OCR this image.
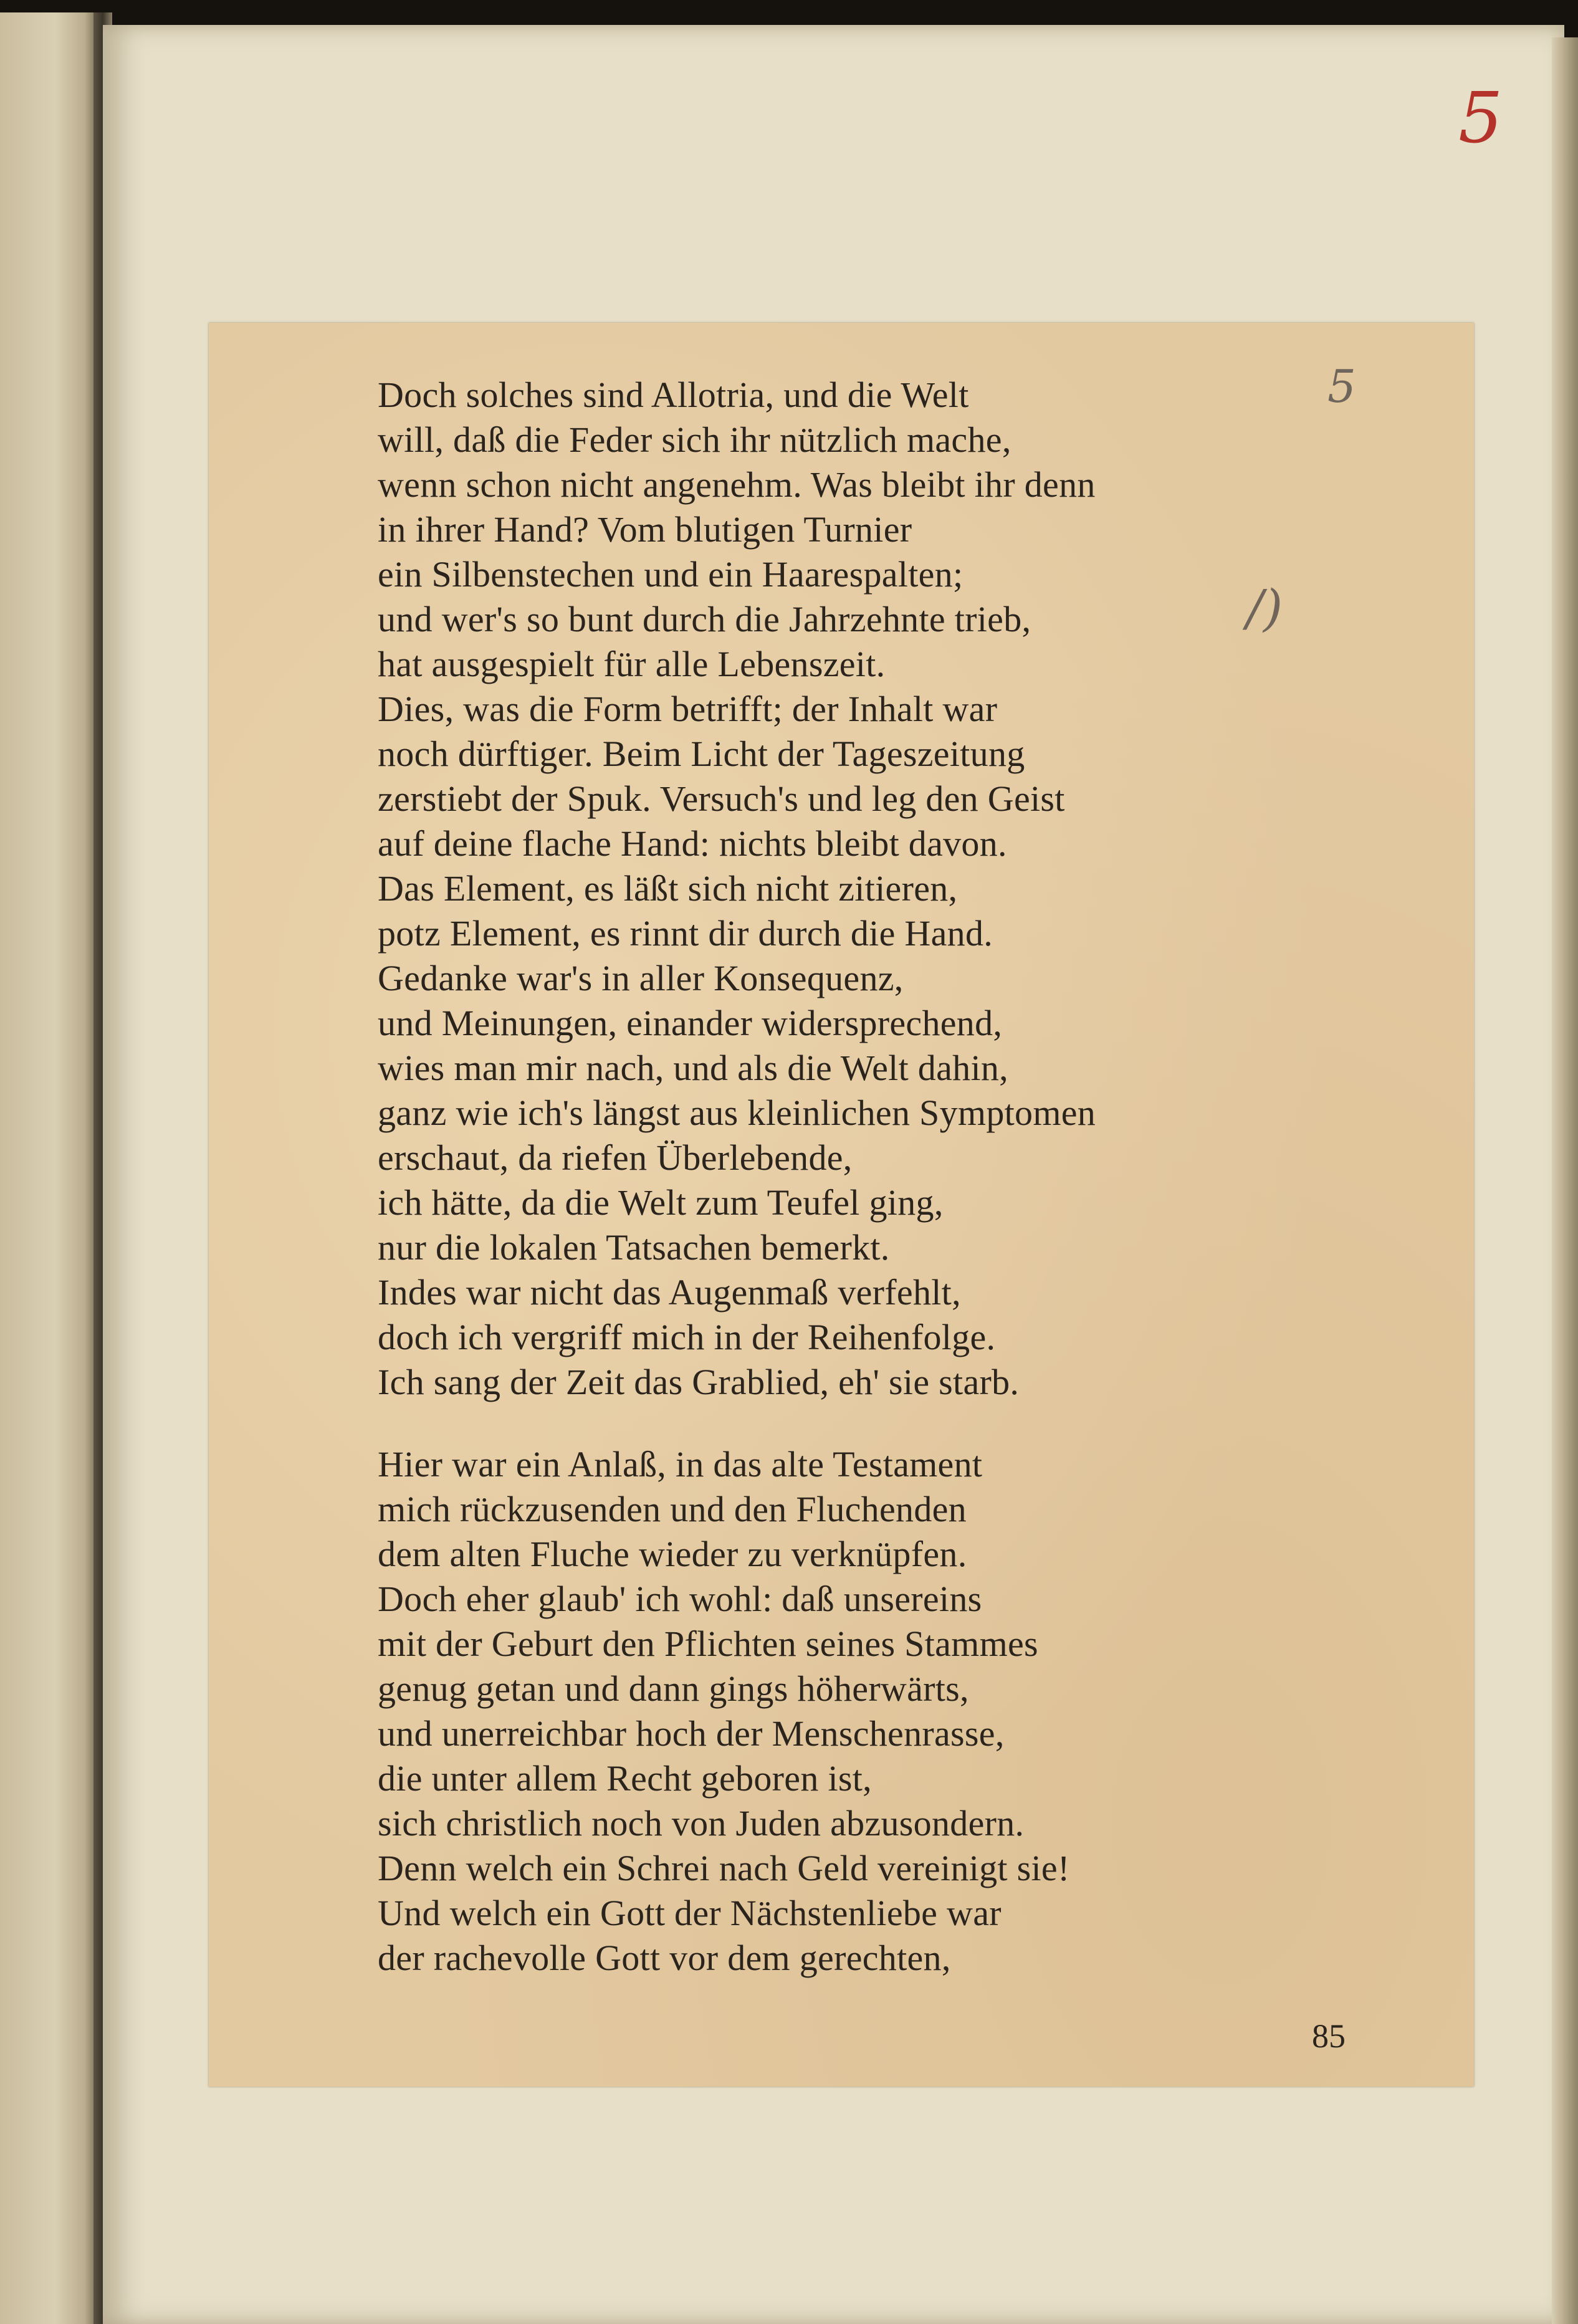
5
5
/)
Doch solches sind Allotria, und die Welt
will, daß die Feder sich ihr nützlich mache,
wenn schon nicht angenehm. Was bleibt ihr denn
in ihrer Hand? Vom blutigen Turnier
ein Silbenstechen und ein Haarespalten;
und wer's so bunt durch die Jahrzehnte trieb,
hat ausgespielt für alle Lebenszeit.
Dies, was die Form betrifft; der Inhalt war
noch dürftiger. Beim Licht der Tageszeitung
zerstiebt der Spuk. Versuch's und leg den Geist
auf deine flache Hand: nichts bleibt davon.
Das Element, es läßt sich nicht zitieren,
potz Element, es rinnt dir durch die Hand.
Gedanke war's in aller Konsequenz,
und Meinungen, einander widersprechend,
wies man mir nach, und als die Welt dahin,
ganz wie ich's längst aus kleinlichen Symptomen
erschaut, da riefen Überlebende,
ich hätte, da die Welt zum Teufel ging,
nur die lokalen Tatsachen bemerkt.
Indes war nicht das Augenmaß verfehlt,
doch ich vergriff mich in der Reihenfolge.
Ich sang der Zeit das Grablied, eh' sie starb.
Hier war ein Anlaß, in das alte Testament
mich rückzusenden und den Fluchenden
dem alten Fluche wieder zu verknüpfen.
Doch eher glaub' ich wohl: daß unsereins
mit der Geburt den Pflichten seines Stammes
genug getan und dann gings höherwärts,
und unerreichbar hoch der Menschenrasse,
die unter allem Recht geboren ist,
sich christlich noch von Juden abzusondern.
Denn welch ein Schrei nach Geld vereinigt sie!
Und welch ein Gott der Nächstenliebe war
der rachevolle Gott vor dem gerechten,
85
